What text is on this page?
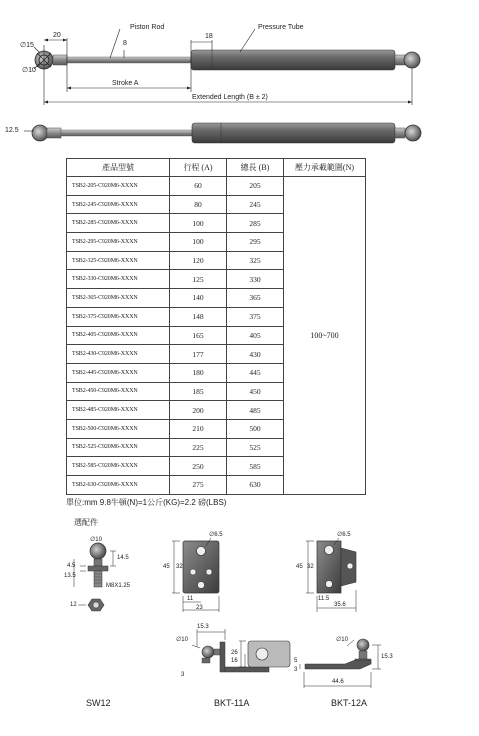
Piston Rod	Pressure Tube
∅15
∅10
20
8
18
Stroke A
Extended Length (B ± 2)
12.5
產品型號	行程 (A)	總長 (B)	壓力承載範圍(N)
TSB2-205-C920M6-XXXN	60	205	100~700
TSB2-245-C920M6-XXXN	80	245	
TSB2-285-C920M6-XXXN	100	285	
TSB2-295-C920M6-XXXN	100	295	
TSB2-325-C920M6-XXXN	120	325	
TSB2-330-C920M6-XXXN	125	330	
TSB2-365-C920M6-XXXN	140	365	
TSB2-375-C920M6-XXXN	148	375	
TSB2-405-C920M6-XXXN	165	405	
TSB2-430-C920M6-XXXN	177	430	
TSB2-445-C920M6-XXXN	180	445	
TSB2-450-C920M6-XXXN	185	450	
TSB2-485-C920M6-XXXN	200	485	
TSB2-500-C920M6-XXXN	210	500	
TSB2-525-C920M6-XXXN	225	525	
TSB2-585-C920M6-XXXN	250	585	
TSB2-630-C920M6-XXXN	275	630	
單位:mm 9.8牛頓(N)=1公斤(KG)=2.2 磅(LBS)
選配件
∅10
14.5
4.5
13.5
M8X1.25
12
∅6.5
45 32
11
23
15.3
∅10
26
16
3
∅6.5
45 32
11.5
35.6
∅10
15.3
5
3
44.6
SW12	BKT-11A	BKT-12A
